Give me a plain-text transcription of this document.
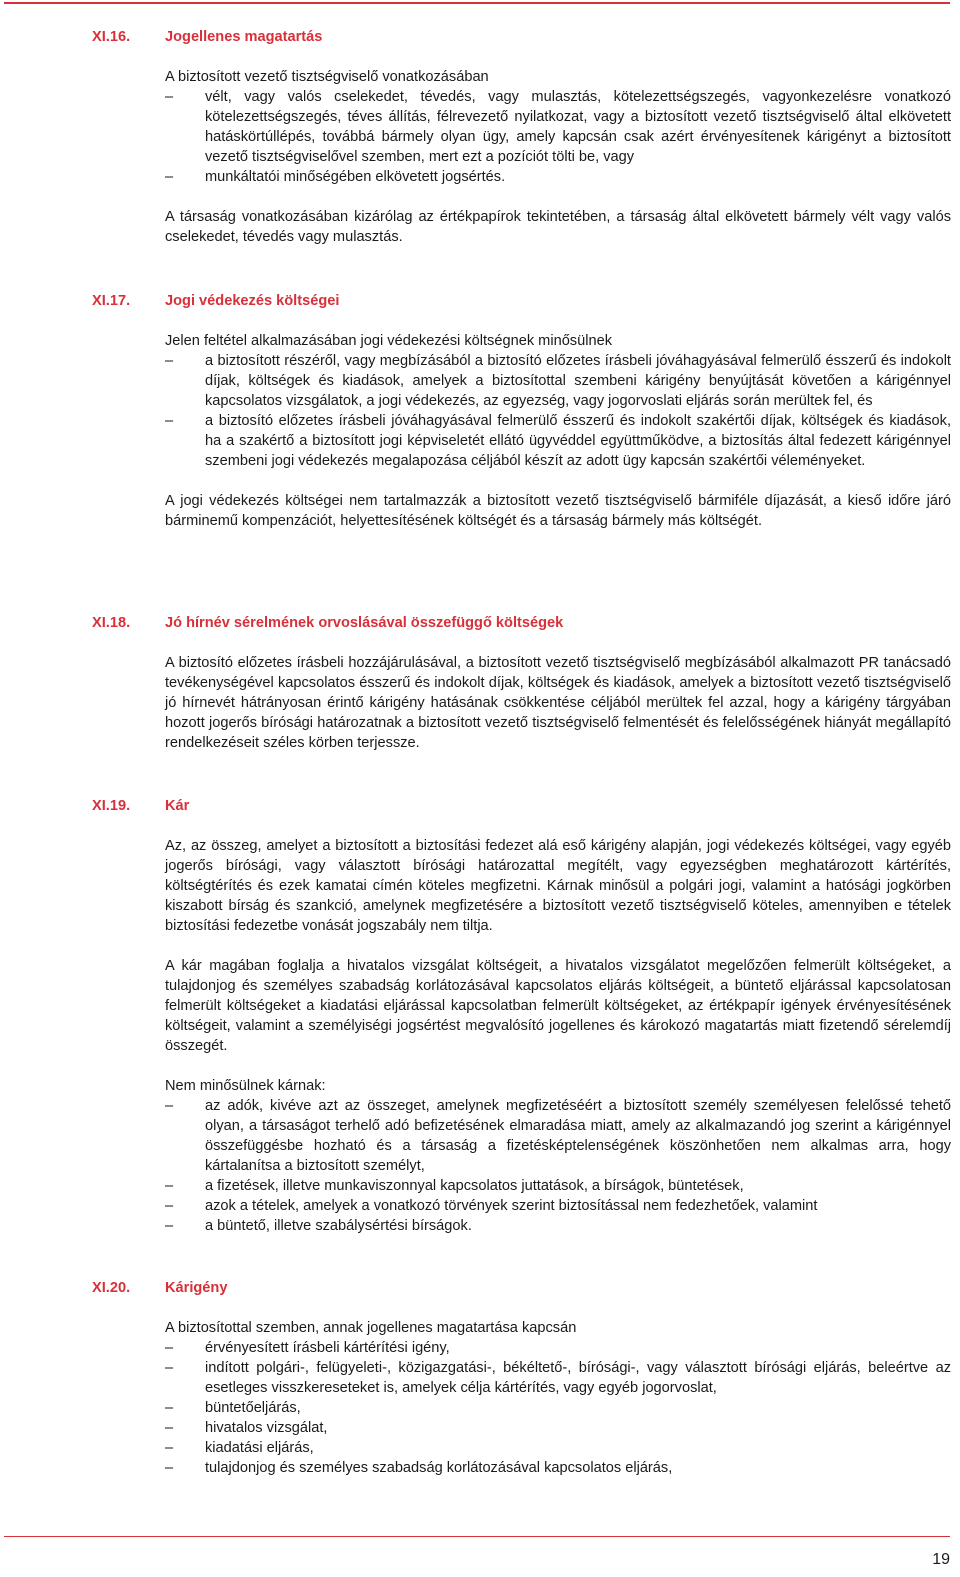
XI.16. Jogellenes magatartás

A biztosított vezető tisztségviselő vonatkozásában

– vélt, vagy valós cselekedet, tévedés, vagy mulasztás, kötelezettségszegés, vagyonkezelésre vonatkozó kötelezettségszegés, téves állítás, félrevezető nyilatkozat, vagy a biztosított vezető tisztségviselő által elkövetett hatáskörtúllépés, továbbá bármely olyan ügy, amely kapcsán csak azért érvényesítenek kárigényt a biztosított vezető tisztségviselővel szemben, mert ezt a pozíciót tölti be, vagy
– munkáltatói minőségében elkövetett jogsértés.

A társaság vonatkozásában kizárólag az értékpapírok tekintetében, a társaság által elkövetett bármely vélt vagy valós cselekedet, tévedés vagy mulasztás.

XI.17. Jogi védekezés költségei

Jelen feltétel alkalmazásában jogi védekezési költségnek minősülnek

– a biztosított részéről, vagy megbízásából a biztosító előzetes írásbeli jóváhagyásával felmerülő ésszerű és indokolt díjak, költségek és kiadások, amelyek a biztosítottal szembeni kárigény benyújtását követően a kárigénnyel kapcsolatos vizsgálatok, a jogi védekezés, az egyezség, vagy jogorvoslati eljárás során merültek fel, és
– a biztosító előzetes írásbeli jóváhagyásával felmerülő ésszerű és indokolt szakértői díjak, költségek és kiadások, ha a szakértő a biztosított jogi képviseletét ellátó ügyvéddel együttműködve, a biztosítás által fedezett kárigénnyel szembeni jogi védekezés megalapozása céljából készít az adott ügy kapcsán szakértői véleményeket.

A jogi védekezés költségei nem tartalmazzák a biztosított vezető tisztségviselő bármiféle díjazását, a kieső időre járó bárminemű kompenzációt, helyettesítésének költségét és a társaság bármely más költségét.

XI.18. Jó hírnév sérelmének orvoslásával összefüggő költségek

A biztosító előzetes írásbeli hozzájárulásával, a biztosított vezető tisztségviselő megbízásából alkalmazott PR tanácsadó tevékenységével kapcsolatos ésszerű és indokolt díjak, költségek és kiadások, amelyek a biztosított vezető tisztségviselő jó hírnevét hátrányosan érintő kárigény hatásának csökkentése céljából merültek fel azzal, hogy a kárigény tárgyában hozott jogerős bírósági határozatnak a biztosított vezető tisztségviselő felmentését és felelősségének hiányát megállapító rendelkezéseit széles körben terjessze.

XI.19. Kár

Az, az összeg, amelyet a biztosított a biztosítási fedezet alá eső kárigény alapján, jogi védekezés költségei, vagy egyéb jogerős bírósági, vagy választott bírósági határozattal megítélt, vagy egyezségben meghatározott kártérítés, költségtérítés és ezek kamatai címén köteles megfizetni. Kárnak minősül a polgári jogi, valamint a hatósági jogkörben kiszabott bírság és szankció, amelynek megfizetésére a biztosított vezető tisztségviselő köteles, amennyiben e tételek biztosítási fedezetbe vonását jogszabály nem tiltja.

A kár magában foglalja a hivatalos vizsgálat költségeit, a hivatalos vizsgálatot megelőzően felmerült költségeket, a tulajdonjog és személyes szabadság korlátozásával kapcsolatos eljárás költségeit, a büntető eljárással kapcsolatosan felmerült költségeket a kiadatási eljárással kapcsolatban felmerült költségeket, az értékpapír igények érvényesítésének költségeit, valamint a személyiségi jogsértést megvalósító jogellenes és károkozó magatartás miatt fizetendő sérelemdíj összegét.

Nem minősülnek kárnak:

– az adók, kivéve azt az összeget, amelynek megfizetéséért a biztosított személy személyesen felelőssé tehető olyan, a társaságot terhelő adó befizetésének elmaradása miatt, amely az alkalmazandó jog szerint a kárigénnyel összefüggésbe hozható és a társaság a fizetésképtelenségének köszönhetően nem alkalmas arra, hogy kártalanítsa a biztosított személyt,
– a fizetések, illetve munkaviszonnyal kapcsolatos juttatások, a bírságok, büntetések,
– azok a tételek, amelyek a vonatkozó törvények szerint biztosítással nem fedezhetőek, valamint
– a büntető, illetve szabálysértési bírságok.
XI.20. Kárigény

A biztosítottal szemben, annak jogellenes magatartása kapcsán

– érvényesített írásbeli kártérítési igény,
– indított polgári-, felügyeleti-, közigazgatási-, békéltető-, bírósági-, vagy választott bírósági eljárás, beleértve az esetleges visszkereseteket is, amelyek célja kártérítés, vagy egyéb jogorvoslat,
– büntetőeljárás,
– hivatalos vizsgálat,
– kiadatási eljárás,
– tulajdonjog és személyes szabadság korlátozásával kapcsolatos eljárás,
19
